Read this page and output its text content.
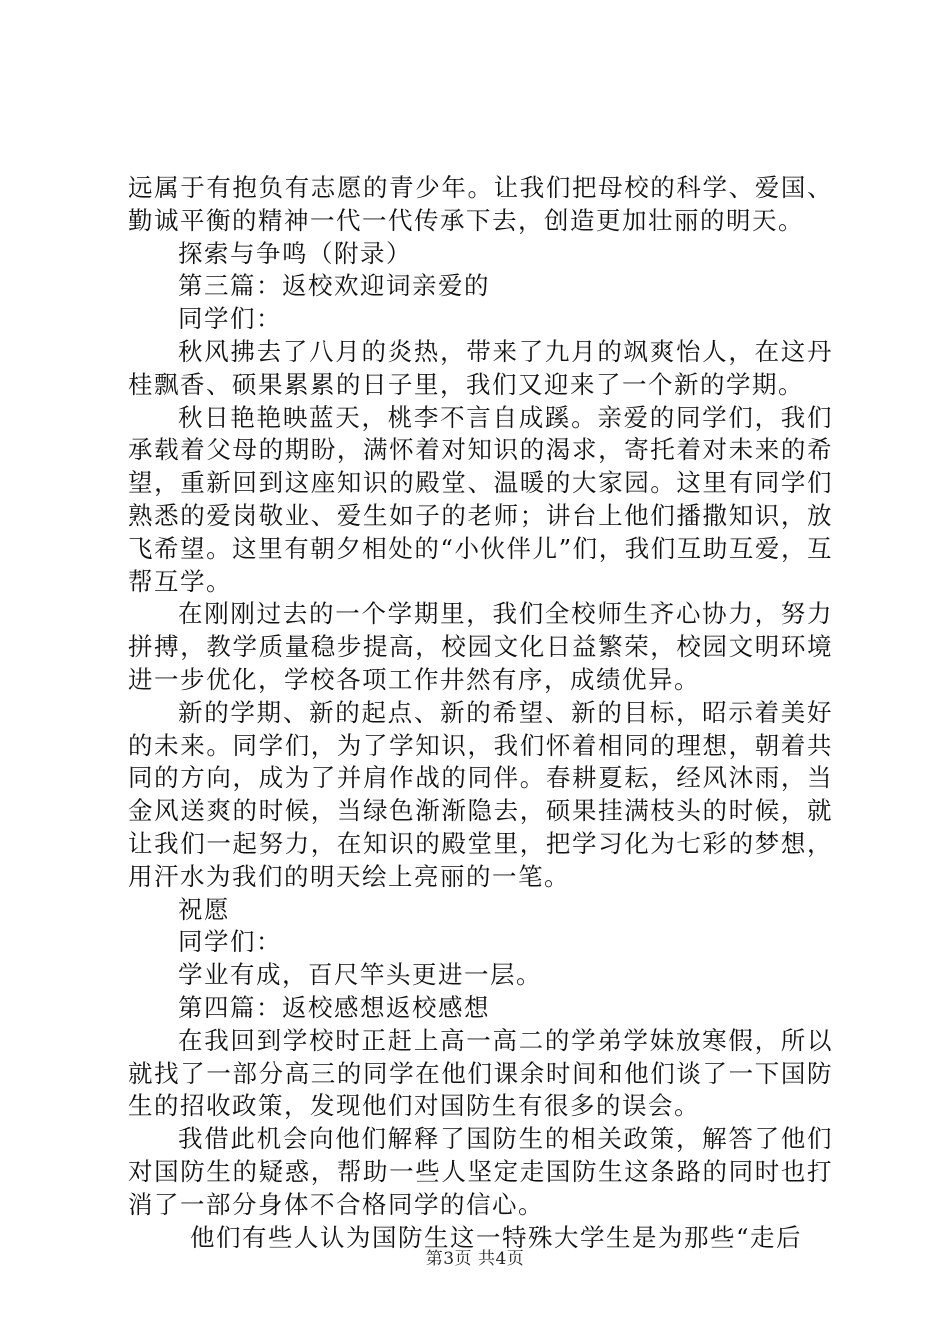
远属于有抱负有志愿的青少年。让我们把母校的科学、爱国、勤诚平衡的精神一代一代传承下去，创造更加壮丽的明天。

探索与争鸣（附录）

第三篇：返校欢迎词亲爱的

同学们：

秋风拂去了八月的炎热，带来了九月的飒爽怡人，在这丹桂飘香、硕果累累的日子里，我们又迎来了一个新的学期。

秋日艳艳映蓝天，桃李不言自成蹊。亲爱的同学们，我们承载着父母的期盼，满怀着对知识的渴求，寄托着对未来的希望，重新回到这座知识的殿堂、温暖的大家园。这里有同学们熟悉的爱岗敬业、爱生如子的老师；讲台上他们播撒知识，放飞希望。这里有朝夕相处的“小伙伴儿”们，我们互助互爱，互帮互学。

在刚刚过去的一个学期里，我们全校师生齐心协力，努力拼搏，教学质量稳步提高，校园文化日益繁荣，校园文明环境进一步优化，学校各项工作井然有序，成绩优异。

新的学期、新的起点、新的希望、新的目标，昭示着美好的未来。同学们，为了学知识，我们怀着相同的理想，朝着共同的方向，成为了并肩作战的同伴。春耕夏耘，经风沐雨，当金风送爽的时候，当绿色渐渐隐去，硕果挂满枝头的时候，就让我们一起努力，在知识的殿堂里，把学习化为七彩的梦想，用汗水为我们的明天绘上亮丽的一笔。

祝愿

同学们：

学业有成，百尺竿头更进一层。

第四篇：返校感想返校感想

在我回到学校时正赶上高一高二的学弟学妹放寒假，所以就找了一部分高三的同学在他们课余时间和他们谈了一下国防生的招收政策，发现他们对国防生有很多的误会。

我借此机会向他们解释了国防生的相关政策，解答了他们对国防生的疑惑，帮助一些人坚定走国防生这条路的同时也打消了一部分身体不合格同学的信心。

他们有些人认为国防生这一特殊大学生是为那些“走后

第3页 共4页
